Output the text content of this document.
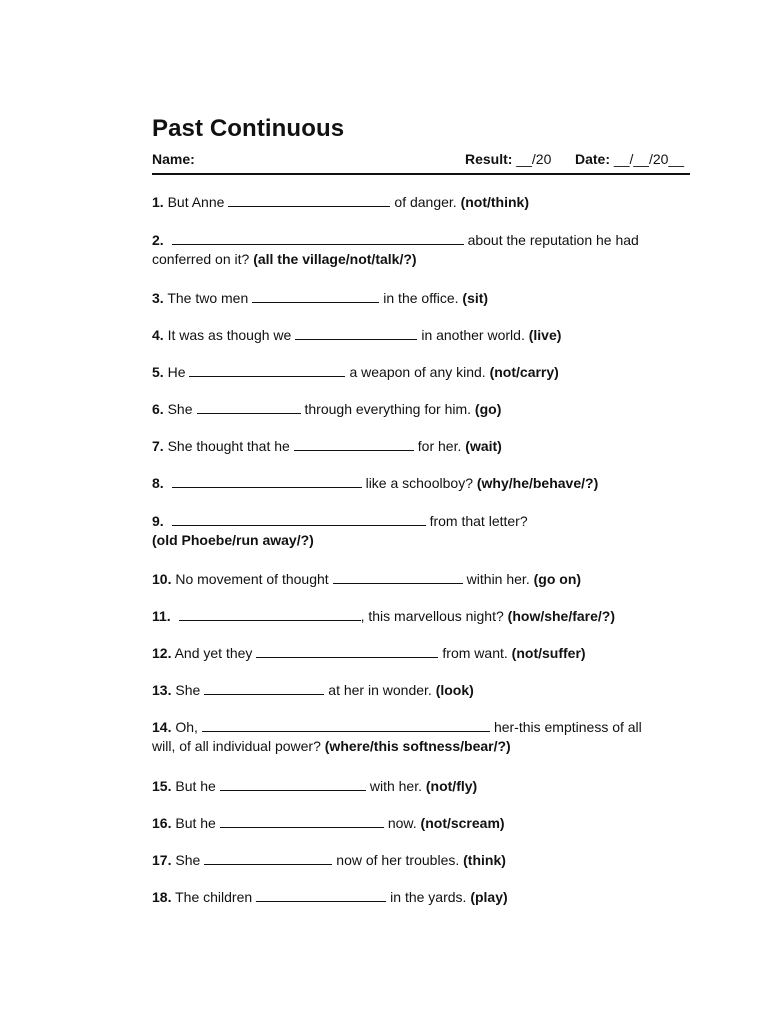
Past Continuous
Name:	Result: __/20 Date: __/__/20__
1. But Anne	of danger. (not/think)
2.	about the reputation he had
conferred on it? (all the village/not/talk/?)
3. The two men	in the office. (sit)
4. It was as though we	in another world. (live)
5. He	a weapon of any kind. (not/carry)
6. She	through everything for him. (go)
7. She thought that he	for her. (wait)
8.	like a schoolboy? (why/he/behave/?)
9.	from that letter?
(old Phoebe/run away/?)
10. No movement of thought	within her. (go on)
11.	, this marvellous night? (how/she/fare/?)
12. And yet they	from want. (not/suffer)
13. She	at her in wonder. (look)
14. Oh,	her-this emptiness of all
will, of all individual power? (where/this softness/bear/?)
15. But he	with her. (not/fly)
16. But he	now. (not/scream)
17. She	now of her troubles. (think)
18. The children	in the yards. (play)
